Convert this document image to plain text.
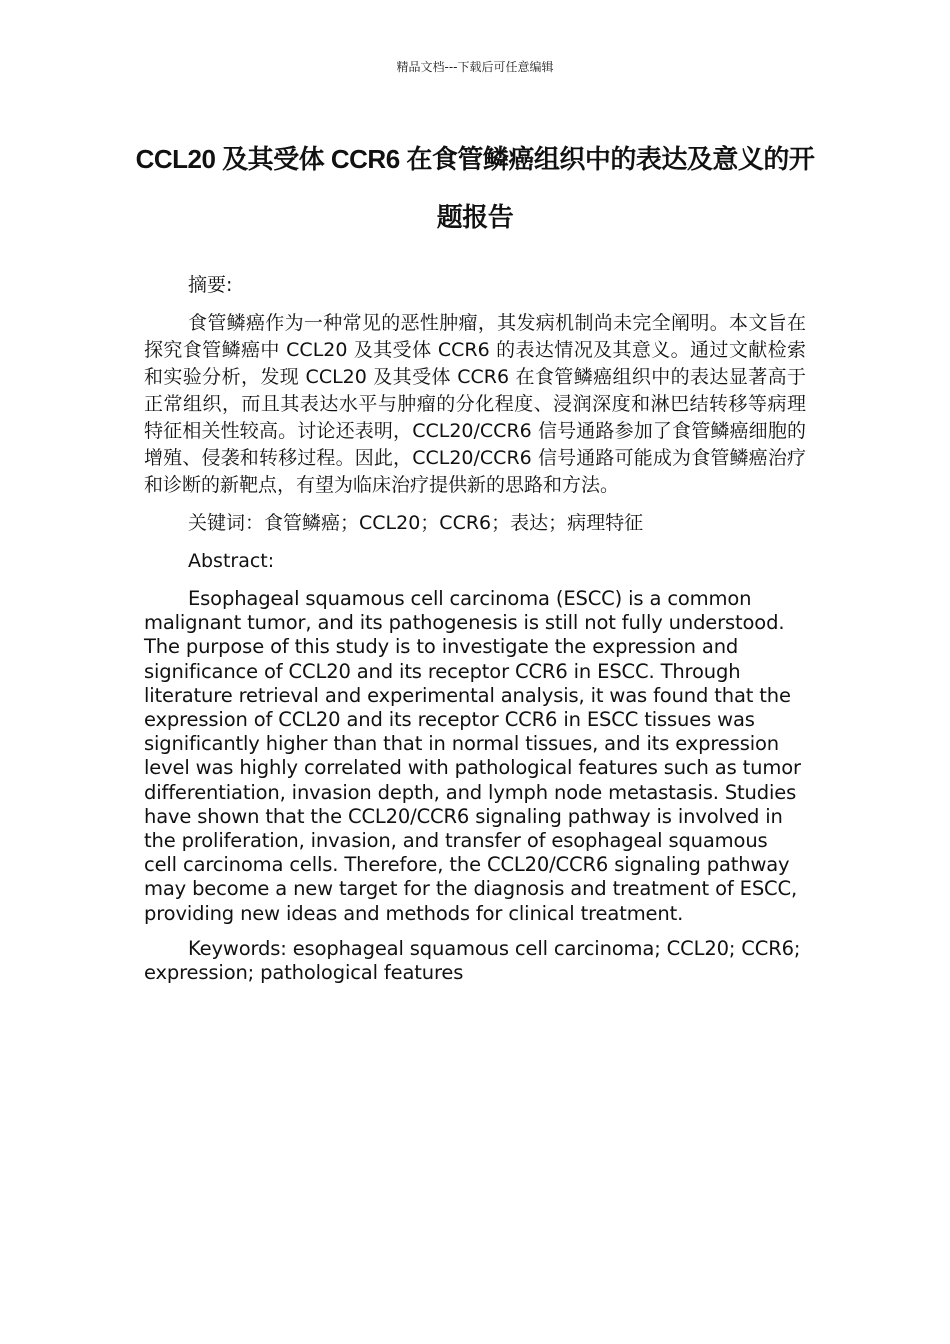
精品文档---下载后可任意编辑
CCL20 及其受体 CCR6 在食管鳞癌组织中的表达及意义的开题报告

摘要:

食管鳞癌作为一种常见的恶性肿瘤，其发病机制尚未完全阐明。本文旨在探究食管鳞癌中 CCL20 及其受体 CCR6 的表达情况及其意义。通过文献检索和实验分析，发现 CCL20 及其受体 CCR6 在食管鳞癌组织中的表达显著高于正常组织，而且其表达水平与肿瘤的分化程度、浸润深度和淋巴结转移等病理特征相关性较高。讨论还表明，CCL20/CCR6 信号通路参加了食管鳞癌细胞的增殖、侵袭和转移过程。因此，CCL20/CCR6 信号通路可能成为食管鳞癌治疗和诊断的新靶点，有望为临床治疗提供新的思路和方法。

关键词：食管鳞癌；CCL20；CCR6；表达；病理特征

Abstract:

Esophageal squamous cell carcinoma (ESCC) is a common malignant tumor, and its pathogenesis is still not fully understood. The purpose of this study is to investigate the expression and significance of CCL20 and its receptor CCR6 in ESCC. Through literature retrieval and experimental analysis, it was found that the expression of CCL20 and its receptor CCR6 in ESCC tissues was significantly higher than that in normal tissues, and its expression level was highly correlated with pathological features such as tumor differentiation, invasion depth, and lymph node metastasis. Studies have shown that the CCL20/CCR6 signaling pathway is involved in the proliferation, invasion, and transfer of esophageal squamous cell carcinoma cells. Therefore, the CCL20/CCR6 signaling pathway may become a new target for the diagnosis and treatment of ESCC, providing new ideas and methods for clinical treatment.

Keywords: esophageal squamous cell carcinoma; CCL20; CCR6; expression; pathological features
